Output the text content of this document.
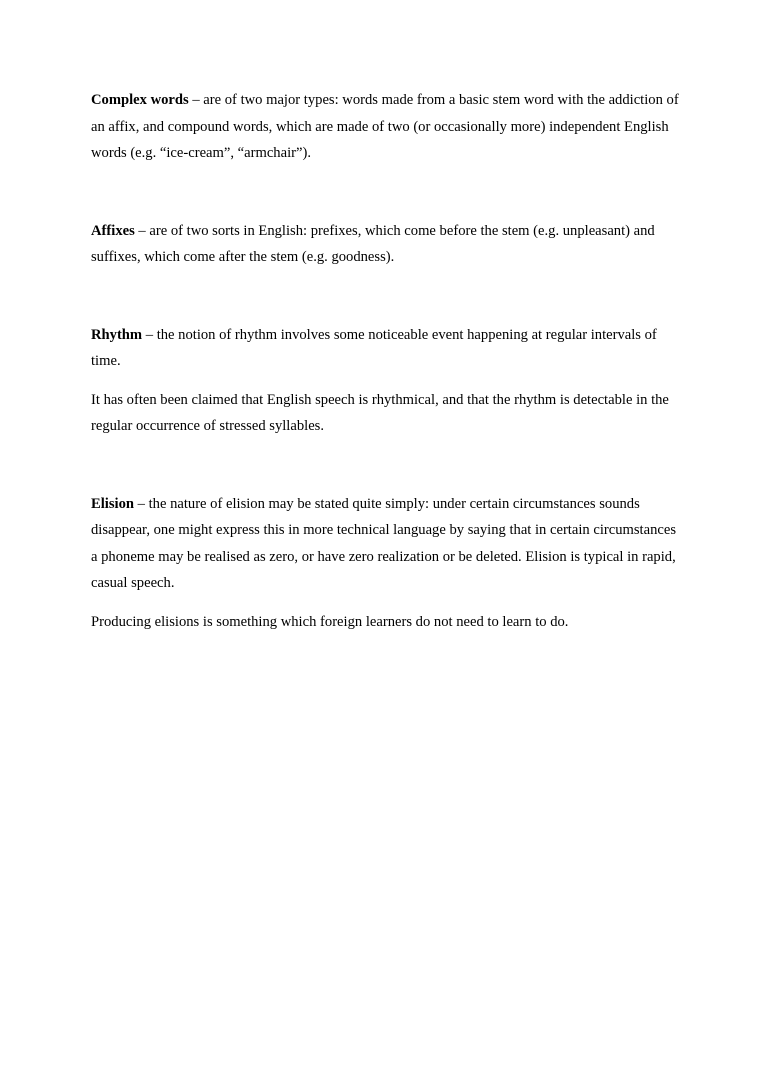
Complex words – are of two major types: words made from a basic stem word with the addiction of an affix, and compound words, which are made of two (or occasionally more) independent English words (e.g. “ice-cream”, “armchair”).

Affixes – are of two sorts in English: prefixes, which come before the stem (e.g. unpleasant) and suffixes, which come after the stem (e.g. goodness).

Rhythm – the notion of rhythm involves some noticeable event happening at regular intervals of time.

It has often been claimed that English speech is rhythmical, and that the rhythm is detectable in the regular occurrence of stressed syllables.

Elision – the nature of elision may be stated quite simply: under certain circumstances sounds disappear, one might express this in more technical language by saying that in certain circumstances a phoneme may be realised as zero, or have zero realization or be deleted. Elision is typical in rapid, casual speech.

Producing elisions is something which foreign learners do not need to learn to do.
